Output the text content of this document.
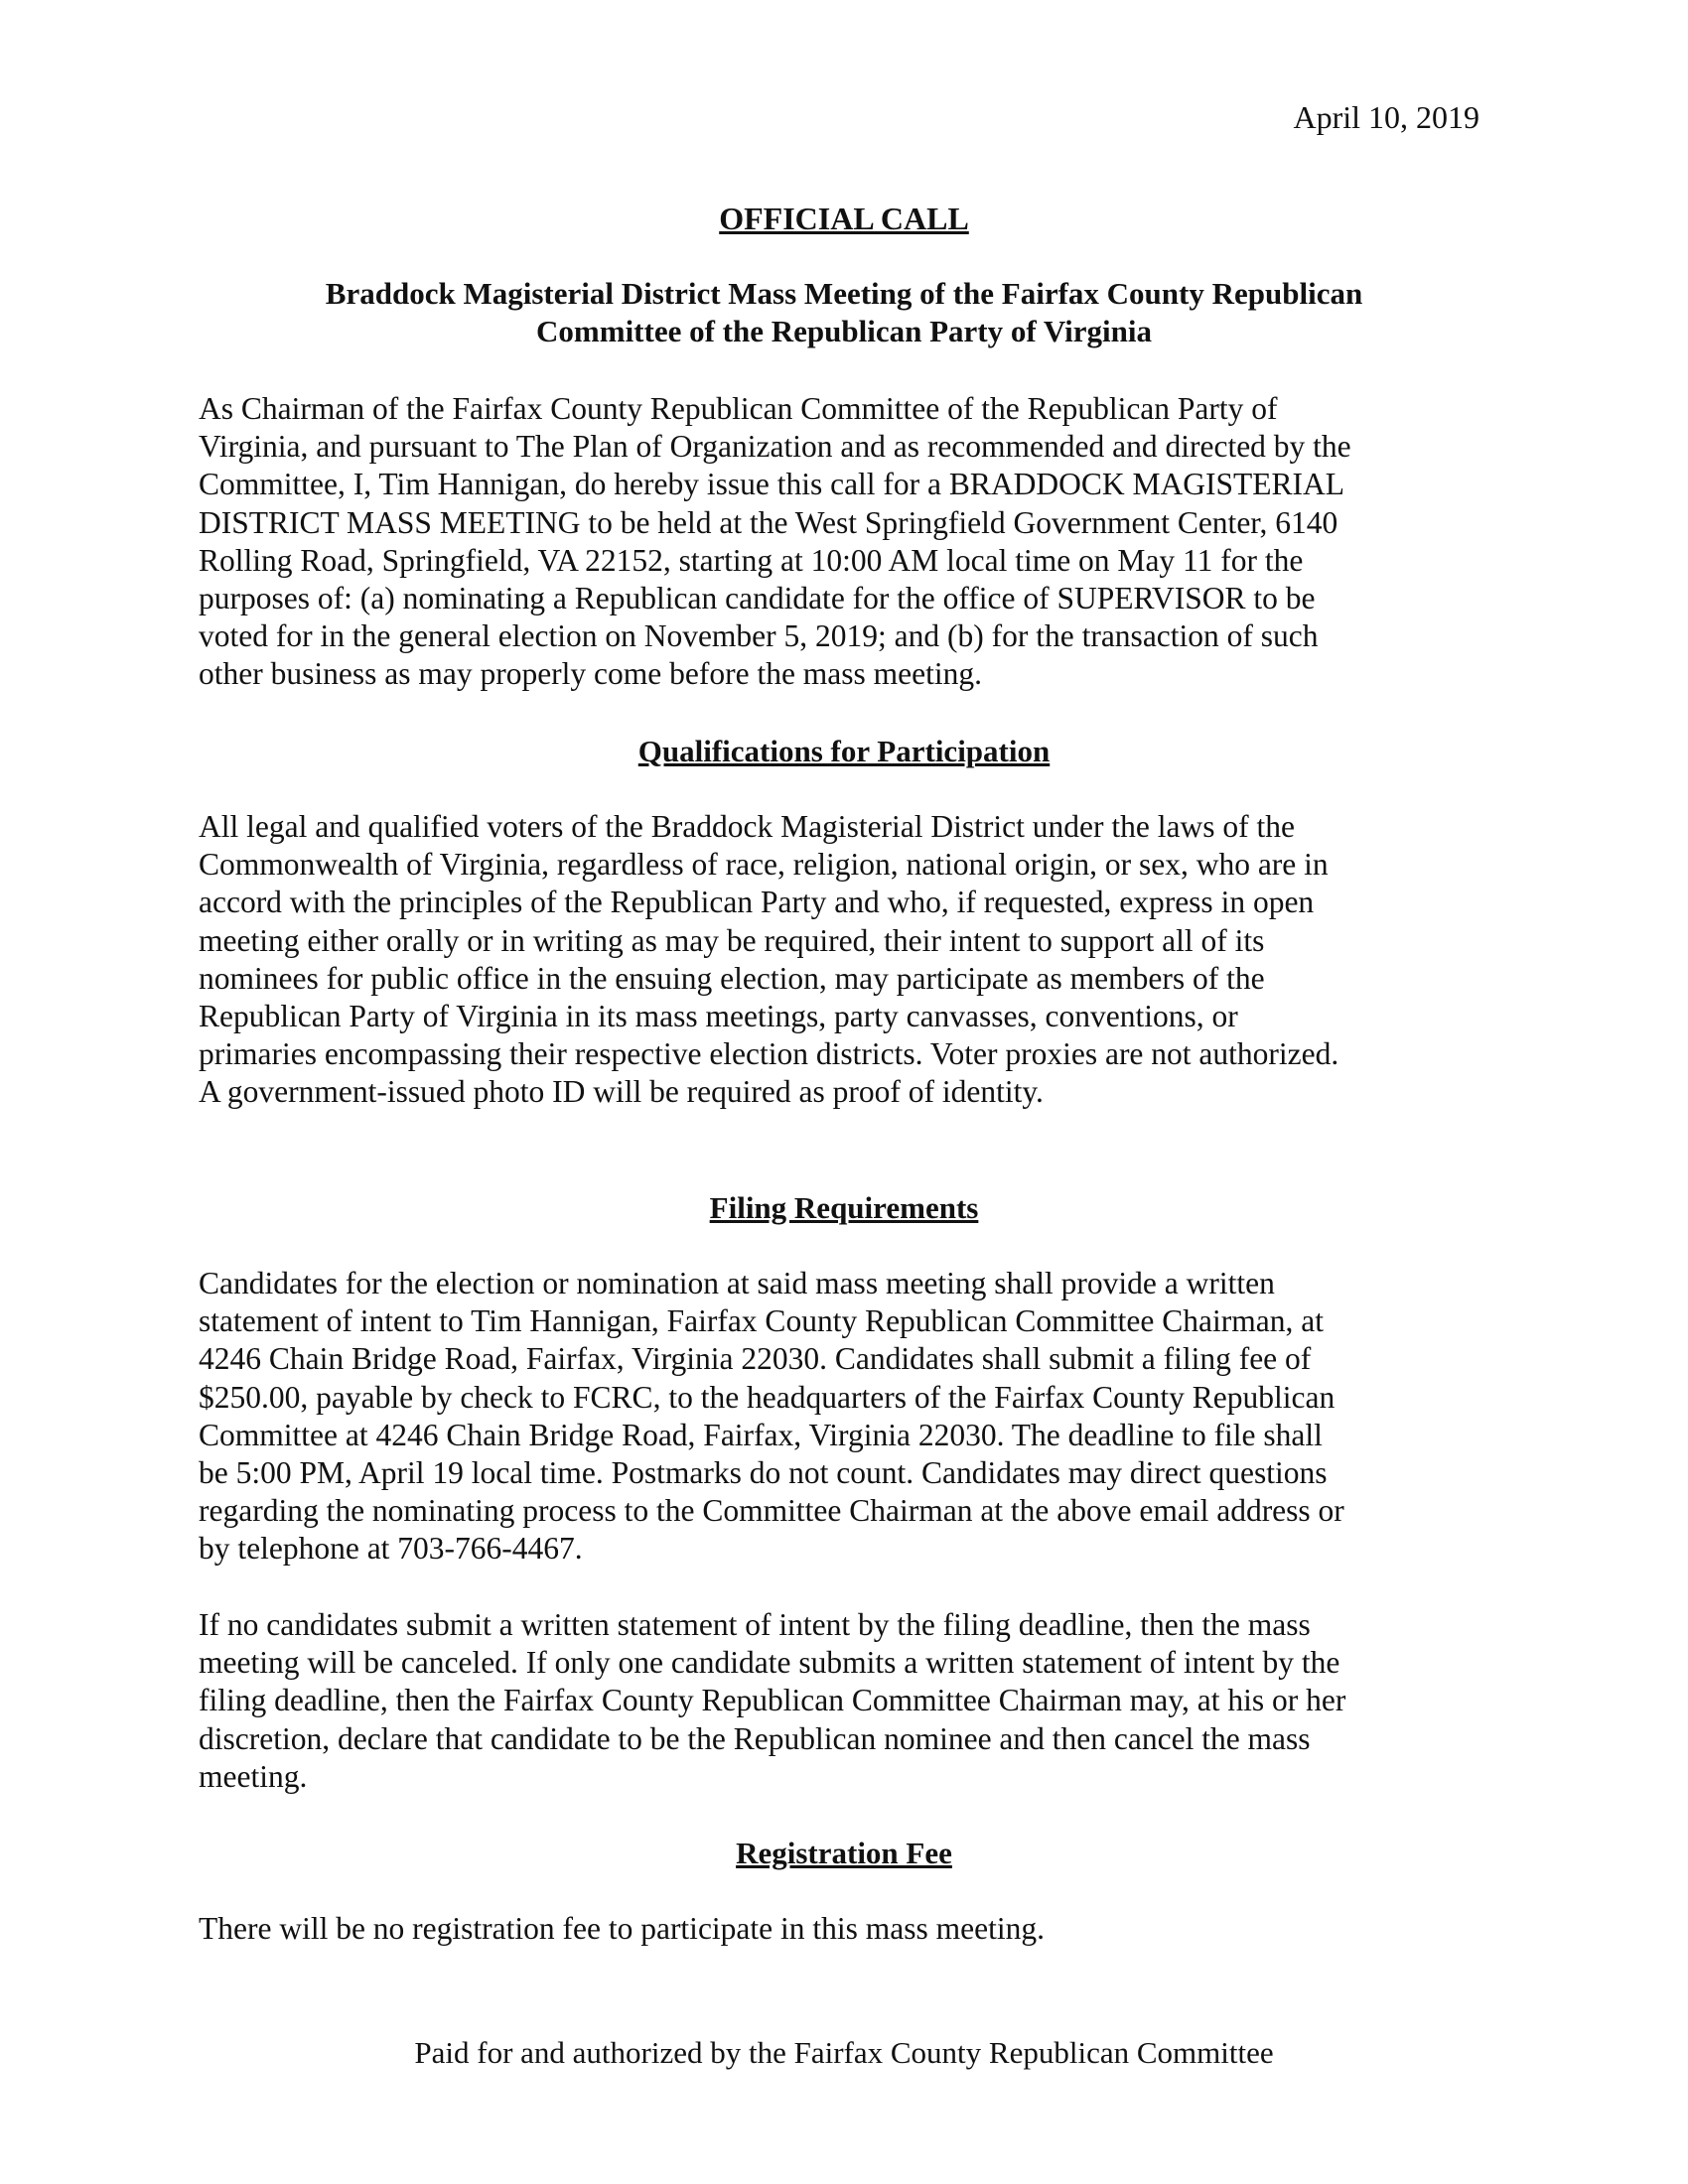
April 10, 2019
OFFICIAL CALL
Braddock Magisterial District Mass Meeting of the Fairfax County Republican
Committee of the Republican Party of Virginia
As Chairman of the Fairfax County Republican Committee of the Republican Party of
Virginia, and pursuant to The Plan of Organization and as recommended and directed by the
Committee, I, Tim Hannigan, do hereby issue this call for a BRADDOCK MAGISTERIAL
DISTRICT MASS MEETING to be held at the West Springfield Government Center, 6140
Rolling Road, Springfield, VA 22152, starting at 10:00 AM local time on May 11 for the
purposes of: (a) nominating a Republican candidate for the office of SUPERVISOR to be
voted for in the general election on November 5, 2019; and (b) for the transaction of such
other business as may properly come before the mass meeting.
Qualifications for Participation
All legal and qualified voters of the Braddock Magisterial District under the laws of the
Commonwealth of Virginia, regardless of race, religion, national origin, or sex, who are in
accord with the principles of the Republican Party and who, if requested, express in open
meeting either orally or in writing as may be required, their intent to support all of its
nominees for public office in the ensuing election, may participate as members of the
Republican Party of Virginia in its mass meetings, party canvasses, conventions, or
primaries encompassing their respective election districts. Voter proxies are not authorized.
A government-issued photo ID will be required as proof of identity.
Filing Requirements
Candidates for the election or nomination at said mass meeting shall provide a written
statement of intent to Tim Hannigan, Fairfax County Republican Committee Chairman, at
4246 Chain Bridge Road, Fairfax, Virginia 22030. Candidates shall submit a filing fee of
$250.00, payable by check to FCRC, to the headquarters of the Fairfax County Republican
Committee at 4246 Chain Bridge Road, Fairfax, Virginia 22030. The deadline to file shall
be 5:00 PM, April 19 local time. Postmarks do not count. Candidates may direct questions
regarding the nominating process to the Committee Chairman at the above email address or
by telephone at 703-766-4467.
If no candidates submit a written statement of intent by the filing deadline, then the mass
meeting will be canceled. If only one candidate submits a written statement of intent by the
filing deadline, then the Fairfax County Republican Committee Chairman may, at his or her
discretion, declare that candidate to be the Republican nominee and then cancel the mass
meeting.
Registration Fee
There will be no registration fee to participate in this mass meeting.
Paid for and authorized by the Fairfax County Republican Committee
